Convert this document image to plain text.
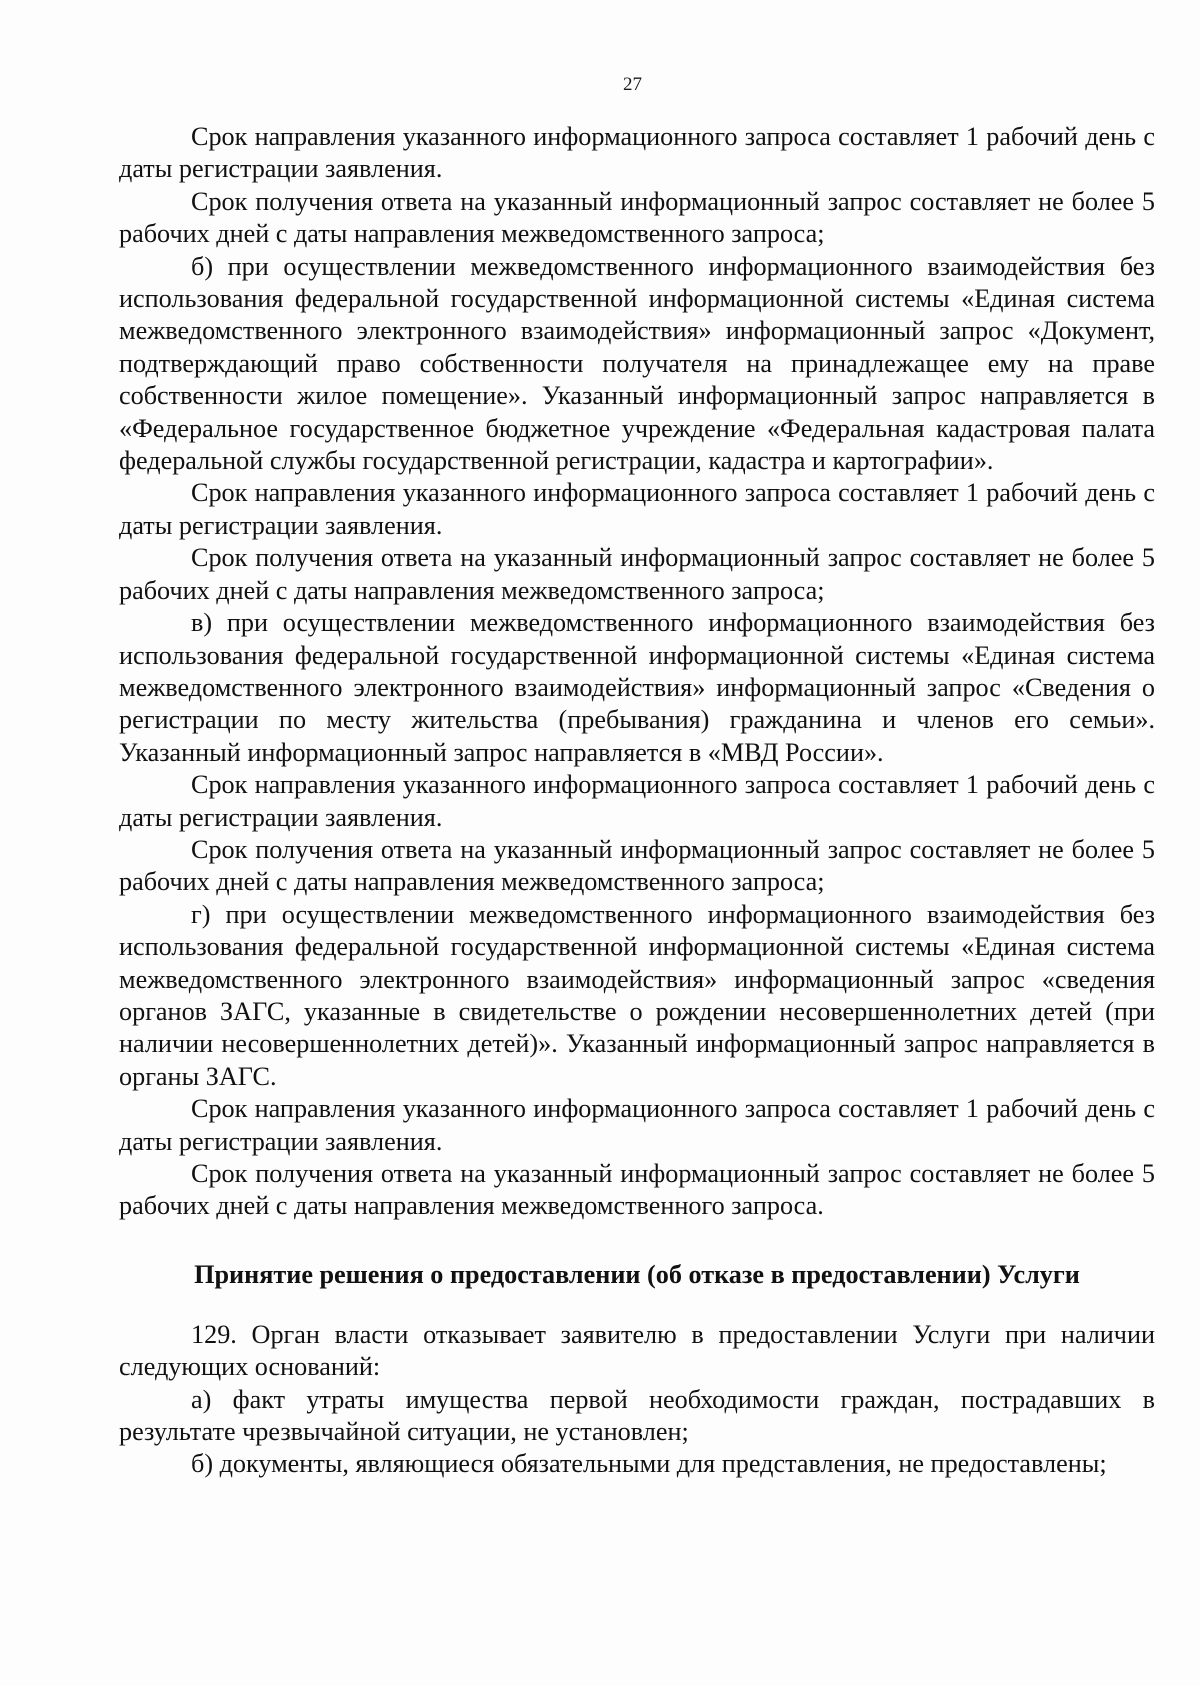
27

Срок направления указанного информационного запроса составляет 1 рабочий день с даты регистрации заявления.

Срок получения ответа на указанный информационный запрос составляет не более 5 рабочих дней с даты направления межведомственного запроса;

б) при осуществлении межведомственного информационного взаимодействия без использования федеральной государственной информационной системы «Единая система межведомственного электронного взаимодействия» информационный запрос «Документ, подтверждающий право собственности получателя на принадлежащее ему на праве собственности жилое помещение». Указанный информационный запрос направляется в «Федеральное государственное бюджетное учреждение «Федеральная кадастровая палата федеральной службы государственной регистрации, кадастра и картографии».

Срок направления указанного информационного запроса составляет 1 рабочий день с даты регистрации заявления.

Срок получения ответа на указанный информационный запрос составляет не более 5 рабочих дней с даты направления межведомственного запроса;

в) при осуществлении межведомственного информационного взаимодействия без использования федеральной государственной информационной системы «Единая система межведомственного электронного взаимодействия» информационный запрос «Сведения о регистрации по месту жительства (пребывания) гражданина и членов его семьи». Указанный информационный запрос направляется в «МВД России».

Срок направления указанного информационного запроса составляет 1 рабочий день с даты регистрации заявления.

Срок получения ответа на указанный информационный запрос составляет не более 5 рабочих дней с даты направления межведомственного запроса;

г) при осуществлении межведомственного информационного взаимодействия без использования федеральной государственной информационной системы «Единая система межведомственного электронного взаимодействия» информационный запрос «сведения органов ЗАГС, указанные в свидетельстве о рождении несовершеннолетних детей (при наличии несовершеннолетних детей)». Указанный информационный запрос направляется в органы ЗАГС.

Срок направления указанного информационного запроса составляет 1 рабочий день с даты регистрации заявления.

Срок получения ответа на указанный информационный запрос составляет не более 5 рабочих дней с даты направления межведомственного запроса.

Принятие решения о предоставлении (об отказе в предоставлении) Услуги

129. Орган власти отказывает заявителю в предоставлении Услуги при наличии следующих оснований:

а) факт утраты имущества первой необходимости граждан, пострадавших в результате чрезвычайной ситуации, не установлен;

б) документы, являющиеся обязательными для представления, не предоставлены;
